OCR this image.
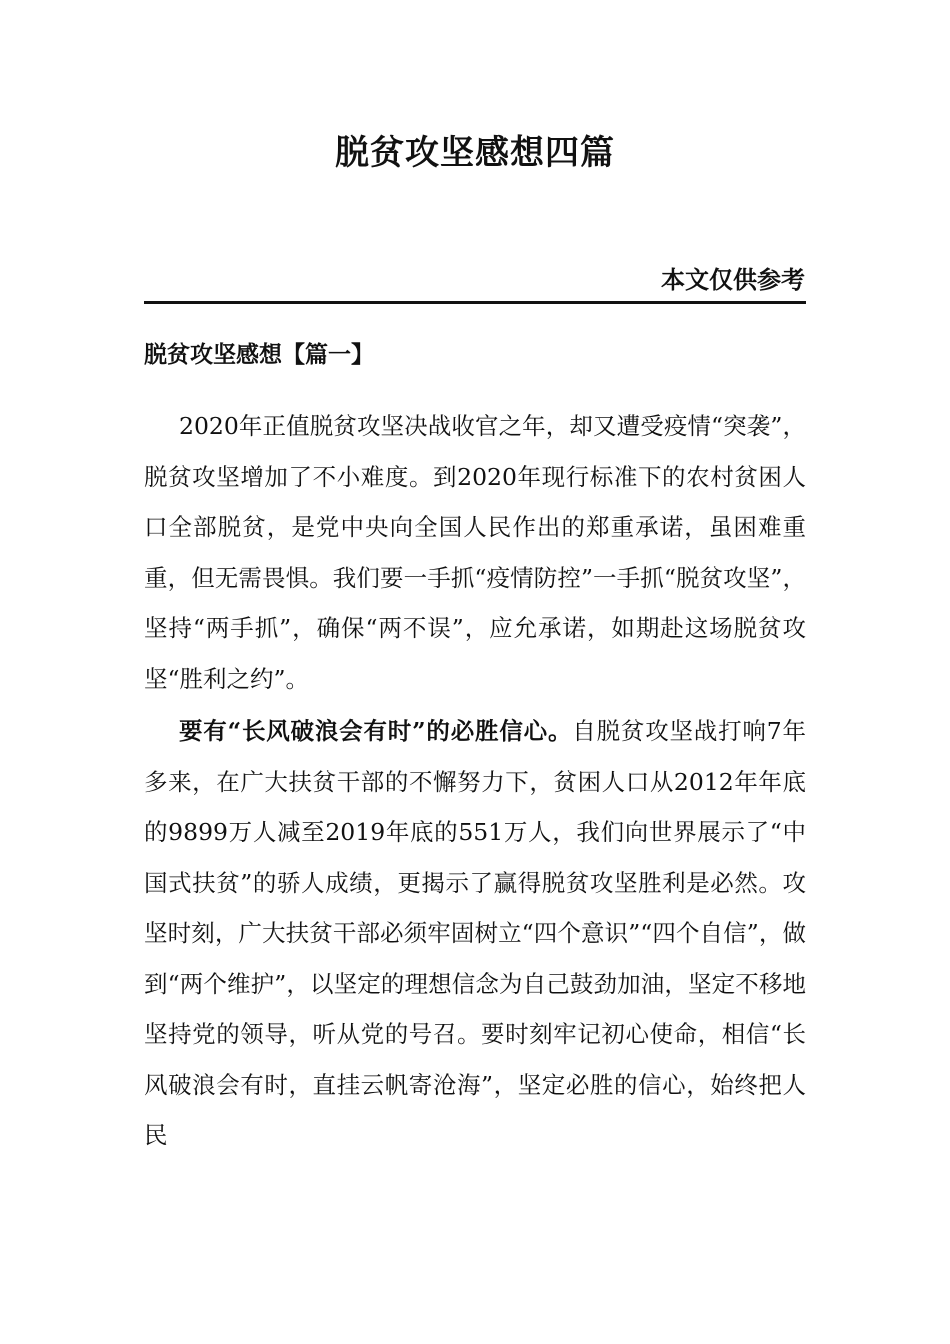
脱贫攻坚感想四篇
本文仅供参考
脱贫攻坚感想【篇一】

2020年正值脱贫攻坚决战收官之年，却又遭受疫情“突袭”，脱贫攻坚增加了不小难度。到2020年现行标准下的农村贫困人口全部脱贫，是党中央向全国人民作出的郑重承诺，虽困难重重，但无需畏惧。我们要一手抓“疫情防控”一手抓“脱贫攻坚”，坚持“两手抓”，确保“两不误”，应允承诺，如期赴这场脱贫攻坚“胜利之约”。

要有“长风破浪会有时”的必胜信心。自脱贫攻坚战打响7年多来，在广大扶贫干部的不懈努力下，贫困人口从2012年年底的9899万人减至2019年底的551万人，我们向世界展示了“中国式扶贫”的骄人成绩，更揭示了赢得脱贫攻坚胜利是必然。攻坚时刻，广大扶贫干部必须牢固树立“四个意识”“四个自信”，做到“两个维护”，以坚定的理想信念为自己鼓劲加油，坚定不移地坚持党的领导，听从党的号召。要时刻牢记初心使命，相信“长风破浪会有时，直挂云帆寄沧海”，坚定必胜的信心，始终把人民
